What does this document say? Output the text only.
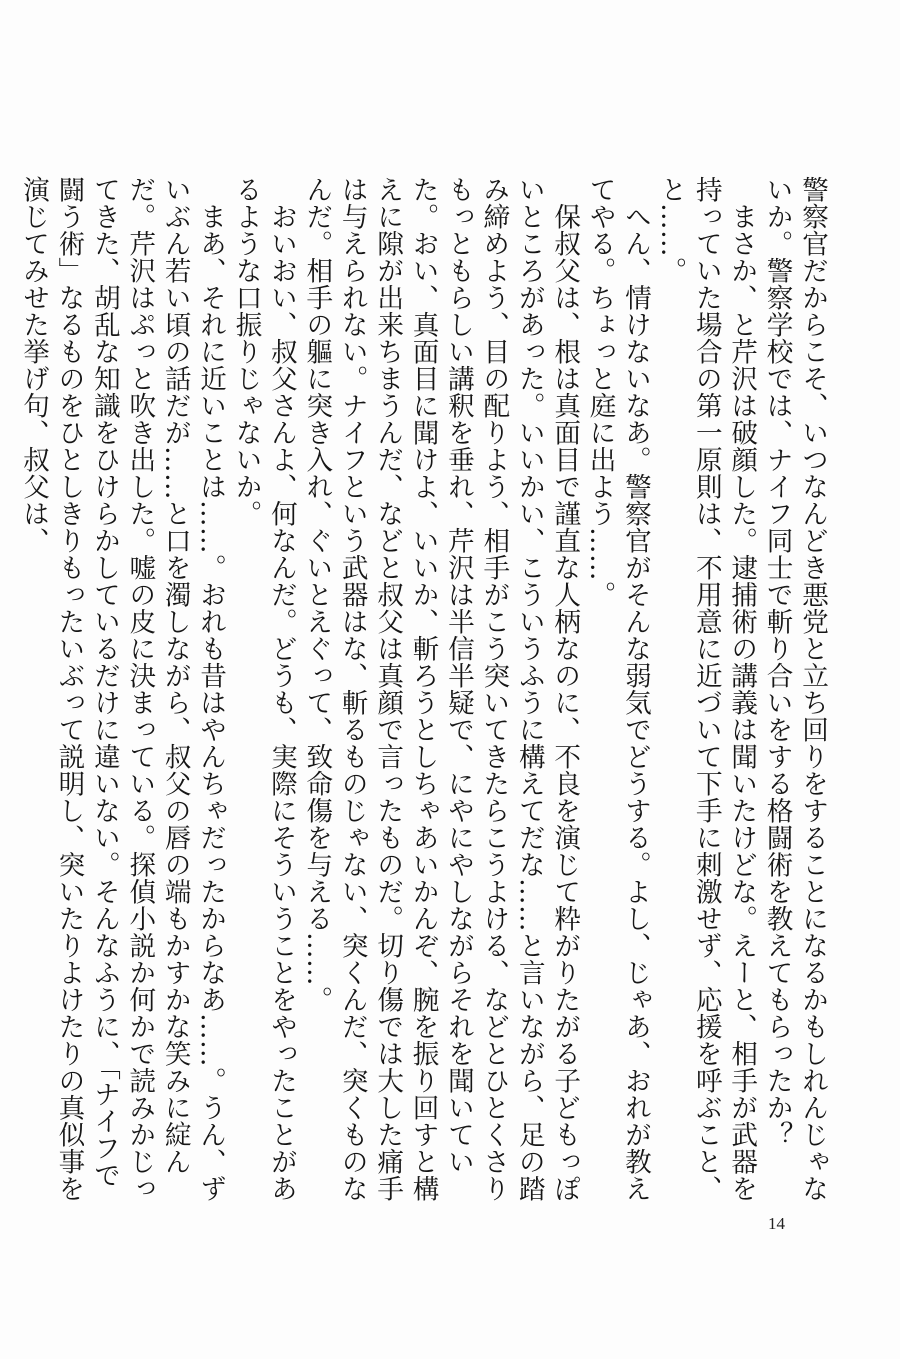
警察官だからこそ、いつなんどき悪党と立ち回りをすることになるかもしれんじゃないか。警察学校では、ナイフ同士で斬り合いをする格闘術を教えてもらったか？

　まさか、と芹沢は破顔した。逮捕術の講義は聞いたけどな。えーと、相手が武器を持っていた場合の第一原則は、不用意に近づいて下手に刺激せず、応援を呼ぶこと、と……。

　へん、情けないなあ。警察官がそんな弱気でどうする。よし、じゃあ、おれが教えてやる。ちょっと庭に出よう……。

　保叔父は、根は真面目で謹直な人柄なのに、不良を演じて粋がりたがる子どもっぽいところがあった。いいかい、こういうふうに構えてだな……と言いながら、足の踏み締めよう、目の配りよう、相手がこう突いてきたらこうよける、などとひとくさりもっともらしい講釈を垂れ、芹沢は半信半疑で、にやにやしながらそれを聞いていた。おい、真面目に聞けよ、いいか、斬ろうとしちゃあいかんぞ、腕を振り回すと構えに隙が出来ちまうんだ、などと叔父は真顔で言ったものだ。切り傷では大した痛手は与えられない。ナイフという武器はな、斬るものじゃない、突くんだ、突くものなんだ。相手の軀に突き入れ、ぐいとえぐって、致命傷を与える……。

　おいおい、叔父さんよ、何なんだ。どうも、実際にそういうことをやったことがあるような口振りじゃないか。

　まあ、それに近いことは……。おれも昔はやんちゃだったからなあ……。うん、ずいぶん若い頃の話だが……と口を濁しながら、叔父の唇の端もかすかな笑みに綻んだ。芹沢はぷっと吹き出した。嘘の皮に決まっている。探偵小説か何かで読みかじってきた、胡乱な知識をひけらかしているだけに違いない。そんなふうに、「ナイフで闘う術」なるものをひとしきりもったいぶって説明し、突いたりよけたりの真似事を演じてみせた挙げ句、叔父は、

14
